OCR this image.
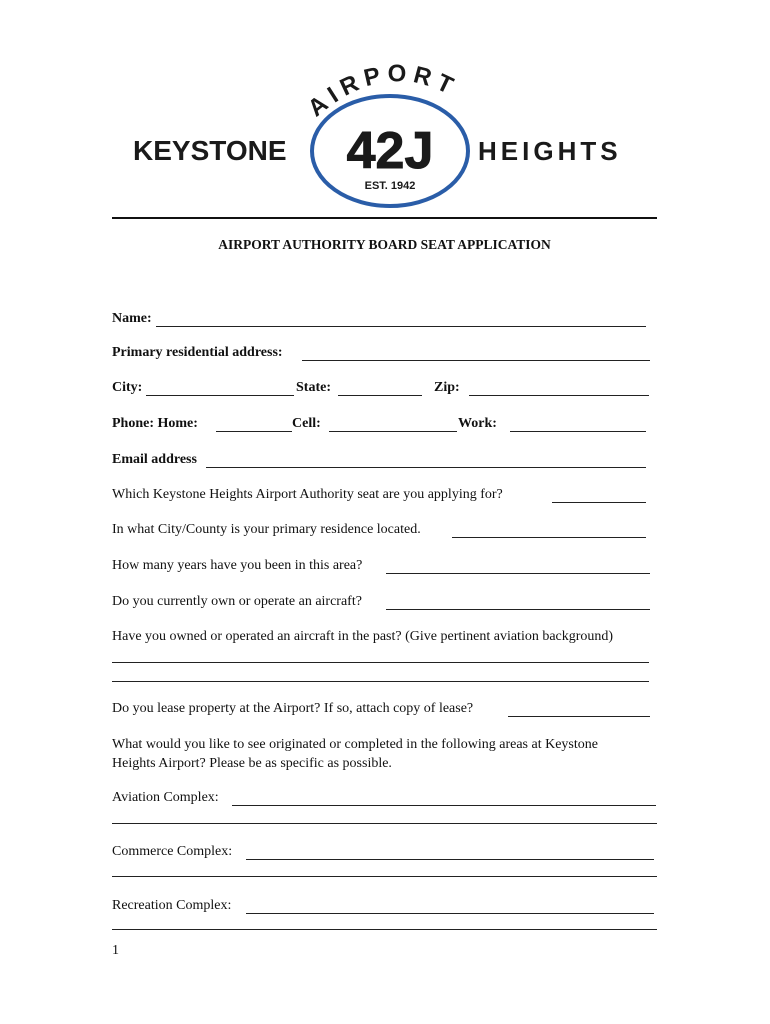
AIRPORT
KEYSTONE 42J HEIGHTS
EST. 1942
AIRPORT AUTHORITY BOARD SEAT APPLICATION
Name:
Primary residential address:
City:	State:	Zip:
Phone: Home:	Cell:	Work:
Email address
Which Keystone Heights Airport Authority seat are you applying for?
In what City/County is your primary residence located.
How many years have you been in this area?
Do you currently own or operate an aircraft?
Have you owned or operated an aircraft in the past? (Give pertinent aviation background)
Do you lease property at the Airport? If so, attach copy of lease?
What would you like to see originated or completed in the following areas at Keystone
Heights Airport? Please be as specific as possible.
Aviation Complex:
Commerce Complex:
Recreation Complex:
1
